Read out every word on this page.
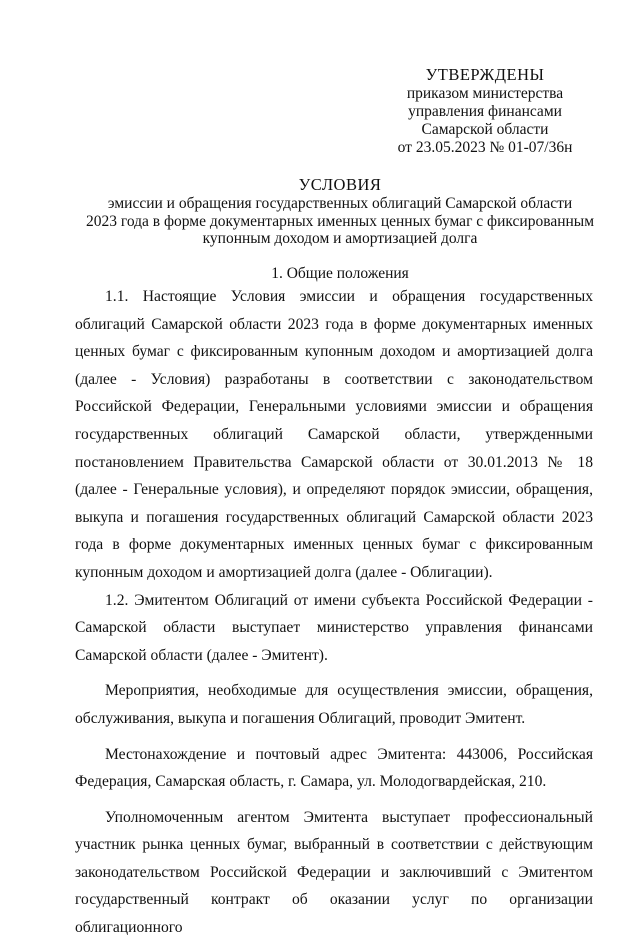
УТВЕРЖДЕНЫ
приказом министерства
управления финансами
Самарской области
от 23.05.2023 № 01-07/36н
УСЛОВИЯ
эмиссии и обращения государственных облигаций Самарской области
2023 года в форме документарных именных ценных бумаг с фиксированным
купонным доходом и амортизацией долга
1. Общие положения

1.1. Настоящие Условия эмиссии и обращения государственных облигаций Самарской области 2023 года в форме документарных именных ценных бумаг с фиксированным купонным доходом и амортизацией долга (далее - Условия) разработаны в соответствии с законодательством Российской Федерации, Генеральными условиями эмиссии и обращения государственных облигаций Самарской области, утвержденными постановлением Правительства Самарской области от 30.01.2013 № 18 (далее - Генеральные условия), и определяют порядок эмиссии, обращения, выкупа и погашения государственных облигаций Самарской области 2023 года в форме документарных именных ценных бумаг с фиксированным купонным доходом и амортизацией долга (далее - Облигации).

1.2. Эмитентом Облигаций от имени субъекта Российской Федерации - Самарской области выступает министерство управления финансами Самарской области (далее - Эмитент).

Мероприятия, необходимые для осуществления эмиссии, обращения, обслуживания, выкупа и погашения Облигаций, проводит Эмитент.

Местонахождение и почтовый адрес Эмитента: 443006, Российская Федерация, Самарская область, г. Самара, ул. Молодогвардейская, 210.

Уполномоченным агентом Эмитента выступает профессиональный участник рынка ценных бумаг, выбранный в соответствии с действующим законодательством Российской Федерации и заключивший с Эмитентом государственный контракт об оказании услуг по организации облигационного
